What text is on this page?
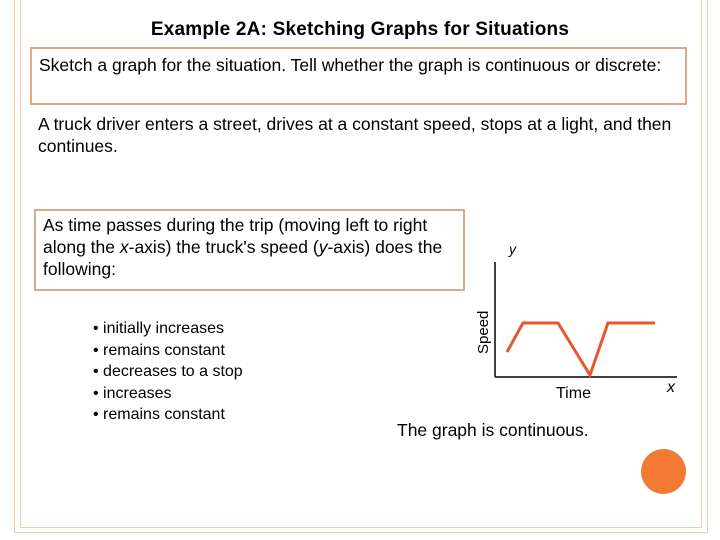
Example 2A: Sketching Graphs for Situations
Sketch a graph for the situation. Tell whether the graph is continuous or discrete:
A truck driver enters a street, drives at a constant speed, stops at a light, and then continues.
As time passes during the trip (moving left to right along the x-axis) the truck's speed (y-axis) does the following:
• initially increases
• remains constant
• decreases to a stop
• increases
• remains constant
y
Speed
Time	x
The graph is continuous.
